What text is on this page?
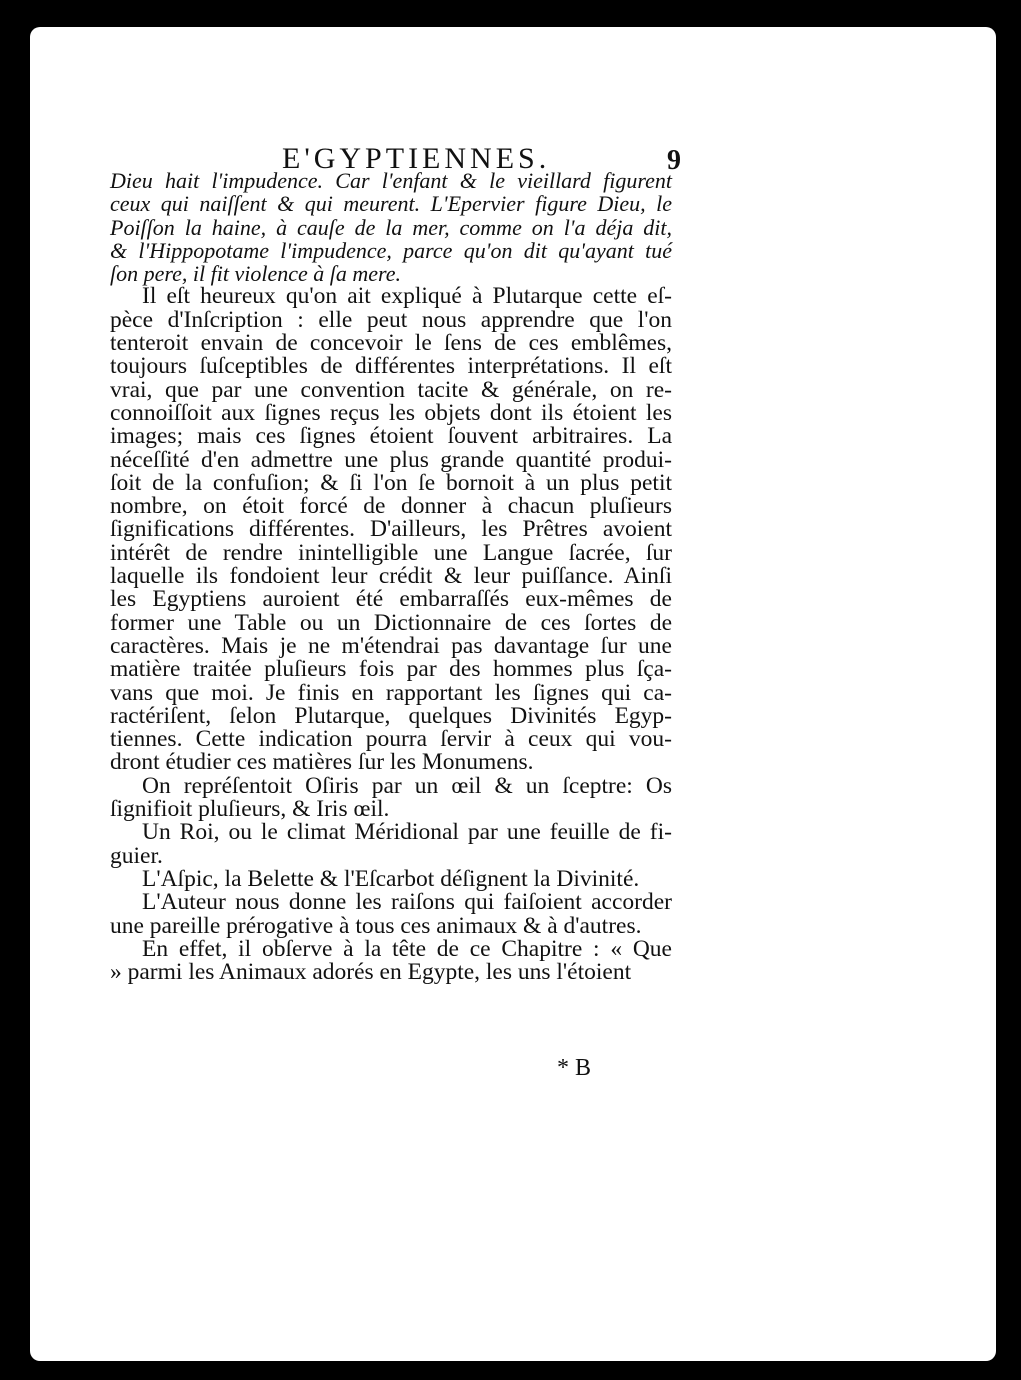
E'GYPTIENNES.	9
Dieu hait l'impudence. Car l'enfant & le vieillard figurent
ceux qui naiſſent & qui meurent. L'Epervier figure Dieu, le
Poiſſon la haine, à cauſe de la mer, comme on l'a déja dit,
& l'Hippopotame l'impudence, parce qu'on dit qu'ayant tué
ſon pere, il fit violence à ſa mere.
Il eſt heureux qu'on ait expliqué à Plutarque cette eſ-
pèce d'Inſcription : elle peut nous apprendre que l'on
tenteroit envain de concevoir le ſens de ces emblêmes,
toujours ſuſceptibles de différentes interprétations. Il eſt
vrai, que par une convention tacite & générale, on re-
connoiſſoit aux ſignes reçus les objets dont ils étoient les
images; mais ces ſignes étoient ſouvent arbitraires. La
néceſſité d'en admettre une plus grande quantité produi-
ſoit de la confuſion; & ſi l'on ſe bornoit à un plus petit
nombre, on étoit forcé de donner à chacun pluſieurs
ſignifications différentes. D'ailleurs, les Prêtres avoient
intérêt de rendre inintelligible une Langue ſacrée, ſur
laquelle ils fondoient leur crédit & leur puiſſance. Ainſi
les Egyptiens auroient été embarraſſés eux-mêmes de
former une Table ou un Dictionnaire de ces ſortes de
caractères. Mais je ne m'étendrai pas davantage ſur une
matière traitée pluſieurs fois par des hommes plus ſça-
vans que moi. Je finis en rapportant les ſignes qui ca-
ractériſent, ſelon Plutarque, quelques Divinités Egyp-
tiennes. Cette indication pourra ſervir à ceux qui vou-
dront étudier ces matières ſur les Monumens.
On repréſentoit Oſiris par un œil & un ſceptre: Os
ſignifioit pluſieurs, & Iris œil.
Un Roi, ou le climat Méridional par une feuille de fi-
guier.
L'Aſpic, la Belette & l'Eſcarbot déſignent la Divinité.
L'Auteur nous donne les raiſons qui faiſoient accorder
une pareille prérogative à tous ces animaux & à d'autres.
En effet, il obſerve à la tête de ce Chapitre : « Que
» parmi les Animaux adorés en Egypte, les uns l'étoient
* B
